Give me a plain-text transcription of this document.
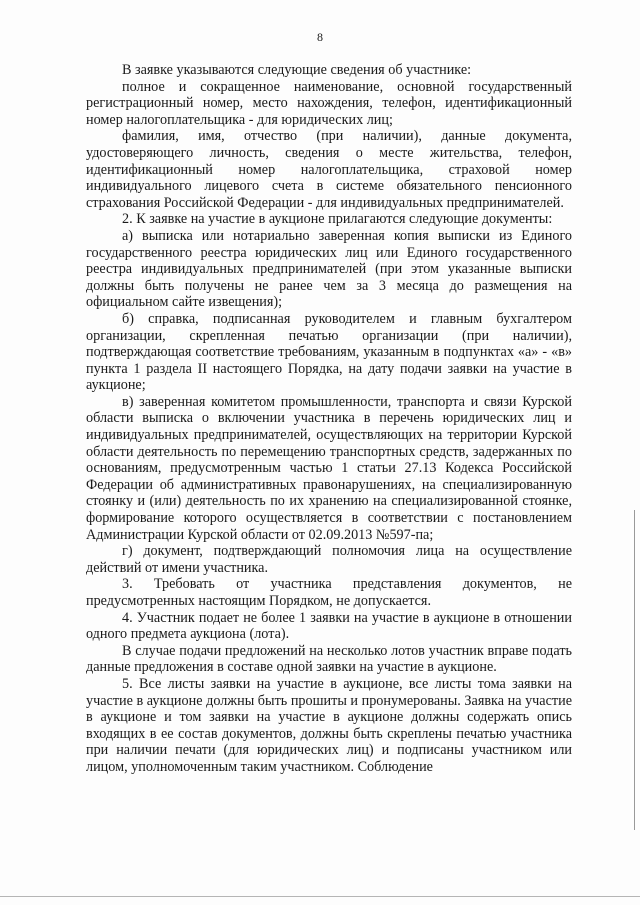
8

В заявке указываются следующие сведения об участнике:

полное и сокращенное наименование, основной государственный регистрационный номер, место нахождения, телефон, идентификационный номер налогоплательщика - для юридических лиц;

фамилия, имя, отчество (при наличии), данные документа, удостоверяющего личность, сведения о месте жительства, телефон, идентификационный номер налогоплательщика, страховой номер индивидуального лицевого счета в системе обязательного пенсионного страхования Российской Федерации - для индивидуальных предпринимателей.

2. К заявке на участие в аукционе прилагаются следующие документы:

а) выписка или нотариально заверенная копия выписки из Единого государственного реестра юридических лиц или Единого государственного реестра индивидуальных предпринимателей (при этом указанные выписки должны быть получены не ранее чем за 3 месяца до размещения на официальном сайте извещения);

б) справка, подписанная руководителем и главным бухгалтером организации, скрепленная печатью организации (при наличии), подтверждающая соответствие требованиям, указанным в подпунктах «а» - «в» пункта 1 раздела II настоящего Порядка, на дату подачи заявки на участие в аукционе;

в) заверенная комитетом промышленности, транспорта и связи Курской области выписка о включении участника в перечень юридических лиц и индивидуальных предпринимателей, осуществляющих на территории Курской области деятельность по перемещению транспортных средств, задержанных по основаниям, предусмотренным частью 1 статьи 27.13 Кодекса Российской Федерации об административных правонарушениях, на специализированную стоянку и (или) деятельность по их хранению на специализированной стоянке, формирование которого осуществляется в соответствии с постановлением Администрации Курской области от 02.09.2013 №597-па;

г) документ, подтверждающий полномочия лица на осуществление действий от имени участника.

3. Требовать от участника представления документов, не предусмотренных настоящим Порядком, не допускается.

4. Участник подает не более 1 заявки на участие в аукционе в отношении одного предмета аукциона (лота).

В случае подачи предложений на несколько лотов участник вправе подать данные предложения в составе одной заявки на участие в аукционе.

5. Все листы заявки на участие в аукционе, все листы тома заявки на участие в аукционе должны быть прошиты и пронумерованы. Заявка на участие в аукционе и том заявки на участие в аукционе должны содержать опись входящих в ее состав документов, должны быть скреплены печатью участника при наличии печати (для юридических лиц) и подписаны участником или лицом, уполномоченным таким участником. Соблюдение
